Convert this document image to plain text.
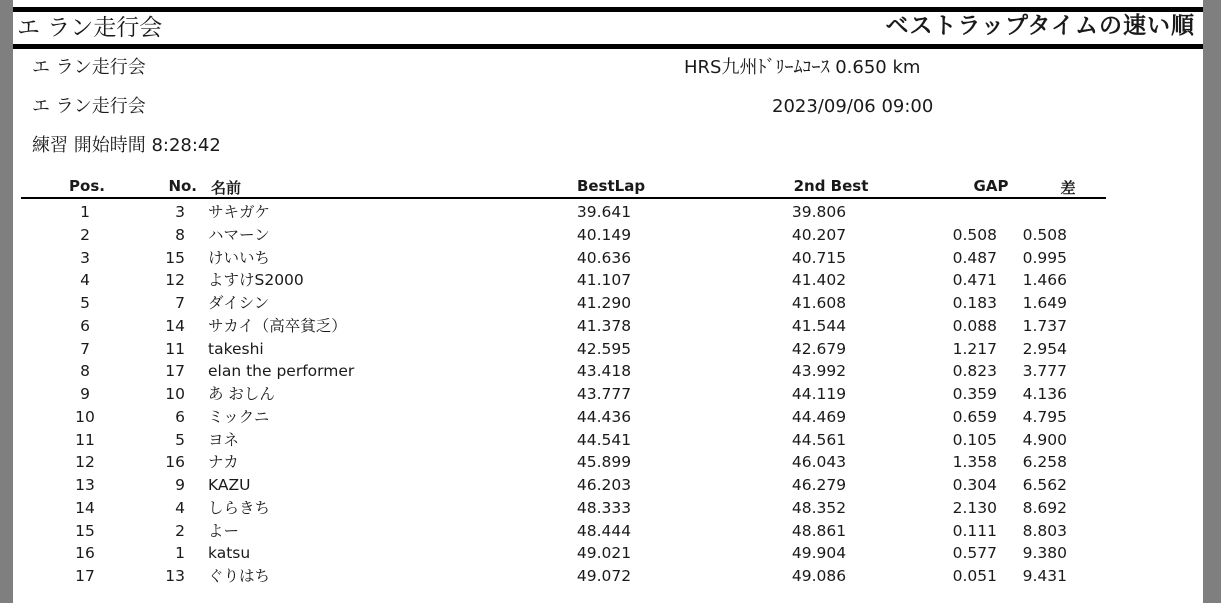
エ ラン走行会	ベストラップタイムの速い順
エ ラン走行会	HRS九州ﾄﾞﾘｰﾑｺｰｽ 0.650 km
エ ラン走行会	2023/09/06 09:00
練習 開始時間 8:28:42
Pos.	No. 名前	BestLap	2nd Best	GAP	差
1	3 サキガケ	39.641	39.806
2	8 ハマーン	40.149	40.207	0.508	0.508
3	15 けいいち	40.636	40.715	0.487	0.995
4	12 よすけS2000	41.107	41.402	0.471	1.466
5	7 ダイシン	41.290	41.608	0.183	1.649
6	14 サカイ（高卒貧乏）	41.378	41.544	0.088	1.737
7	11 takeshi	42.595	42.679	1.217	2.954
8	17 elan the performer	43.418	43.992	0.823	3.777
9	10 あ おしん	43.777	44.119	0.359	4.136
10	6 ミックニ	44.436	44.469	0.659	4.795
11	5 ヨネ	44.541	44.561	0.105	4.900
12	16 ナカ	45.899	46.043	1.358	6.258
13	9 KAZU	46.203	46.279	0.304	6.562
14	4 しらきち	48.333	48.352	2.130	8.692
15	2 よー	48.444	48.861	0.111	8.803
16	1 katsu	49.021	49.904	0.577	9.380
17	13 ぐりはち	49.072	49.086	0.051	9.431
